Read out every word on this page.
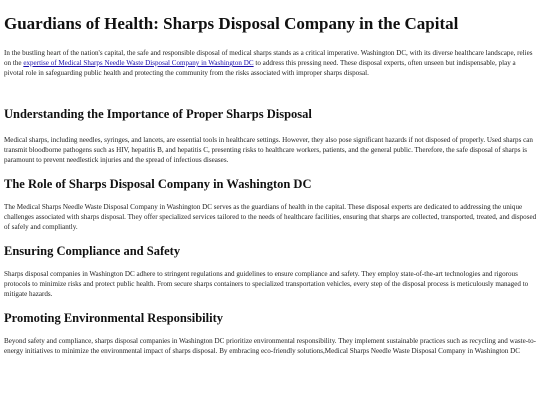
Guardians of Health: Sharps Disposal Company in the Capital

In the bustling heart of the nation's capital, the safe and responsible disposal of medical sharps stands as a critical imperative. Washington DC, with its diverse healthcare landscape, relies on the expertise of Medical Sharps Needle Waste Disposal Company in Washington DC to address this pressing need. These disposal experts, often unseen but indispensable, play a pivotal role in safeguarding public health and protecting the community from the risks associated with improper sharps disposal.

Understanding the Importance of Proper Sharps Disposal

Medical sharps, including needles, syringes, and lancets, are essential tools in healthcare settings. However, they also pose significant hazards if not disposed of properly. Used sharps can transmit bloodborne pathogens such as HIV, hepatitis B, and hepatitis C, presenting risks to healthcare workers, patients, and the general public. Therefore, the safe disposal of sharps is paramount to prevent needlestick injuries and the spread of infectious diseases.

The Role of Sharps Disposal Company in Washington DC

The Medical Sharps Needle Waste Disposal Company in Washington DC serves as the guardians of health in the capital. These disposal experts are dedicated to addressing the unique challenges associated with sharps disposal. They offer specialized services tailored to the needs of healthcare facilities, ensuring that sharps are collected, transported, treated, and disposed of safely and compliantly.

Ensuring Compliance and Safety

Sharps disposal companies in Washington DC adhere to stringent regulations and guidelines to ensure compliance and safety. They employ state-of-the-art technologies and rigorous protocols to minimize risks and protect public health. From secure sharps containers to specialized transportation vehicles, every step of the disposal process is meticulously managed to mitigate hazards.

Promoting Environmental Responsibility

Beyond safety and compliance, sharps disposal companies in Washington DC prioritize environmental responsibility. They implement sustainable practices such as recycling and waste-to-energy initiatives to minimize the environmental impact of sharps disposal. By embracing eco-friendly solutions,Medical Sharps Needle Waste Disposal Company in Washington DC
